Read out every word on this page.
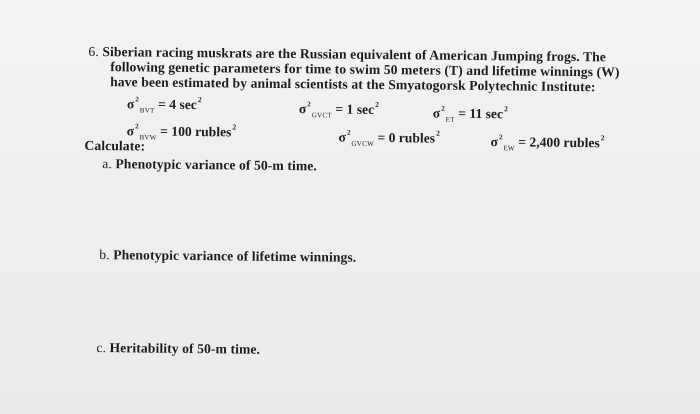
6. Siberian racing muskrats are the Russian equivalent of American Jumping frogs. The
following genetic parameters for time to swim 50 meters (T) and lifetime winnings (W)
have been estimated by animal scientists at the Smyatogorsk Polytechnic Institute:
$\sigma^2_{BVT} = 4$ $\sec^2$
$\sigma^2_{GVCT} = 1$ $\sec^2$
$\sigma^2_{ET} = 11$ $\sec^2$
$\sigma^2_{BVW} = 100$ rubles$^2$
$\sigma^2_{GVCW} = 0$ rubles$^2$
$\sigma^2_{EW} = 2,400$ rubles$^2$
Calculate:
a. Phenotypic variance of 50-m time.
b. Phenotypic variance of lifetime winnings.
c. Heritability of 50-m time.
